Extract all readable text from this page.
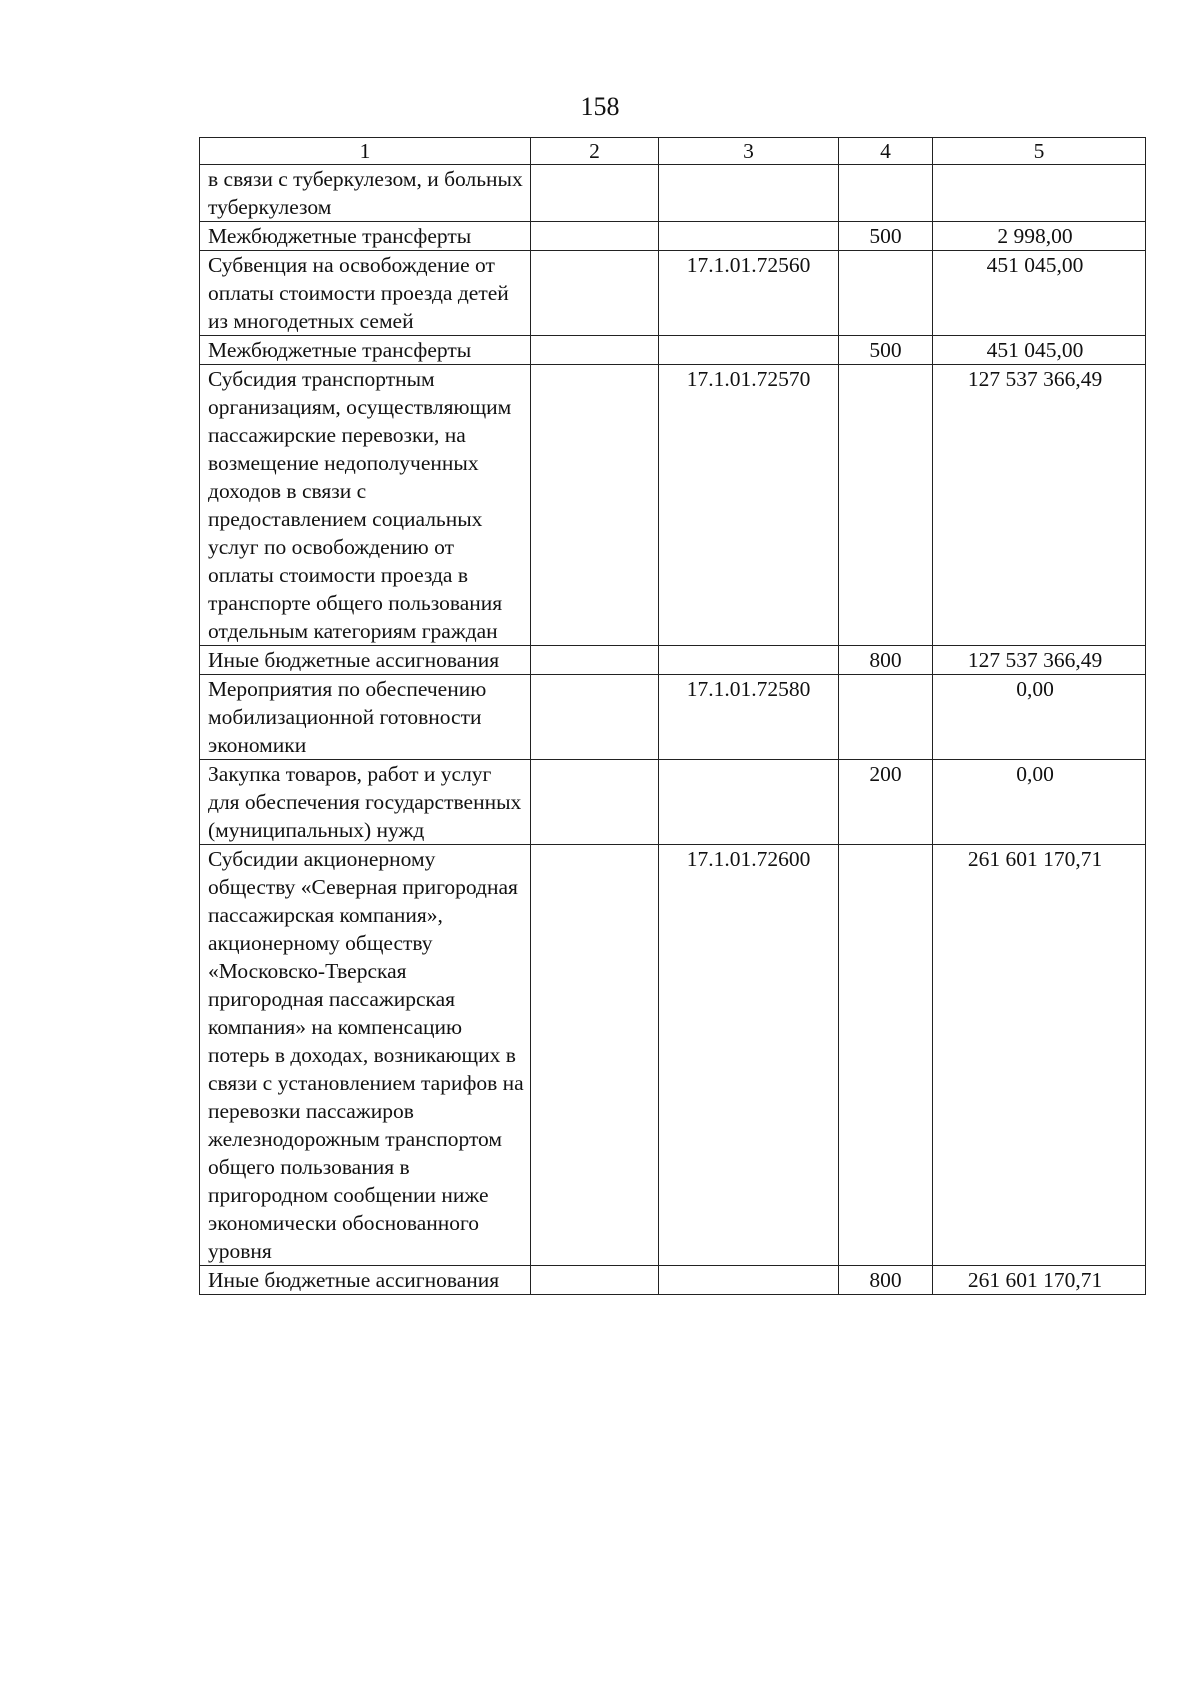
158
1	2	3	4	5
в связи с туберкулезом, и больных туберкулезом				
Межбюджетные трансферты			500	2 998,00
Субвенция на освобождение от оплаты стоимости проезда детей из многодетных семей		17.1.01.72560		451 045,00
Межбюджетные трансферты			500	451 045,00
Субсидия транспортным организациям, осуществляющим пассажирские перевозки, на возмещение недополученных доходов в связи с предоставлением социальных услуг по освобождению от оплаты стоимости проезда в транспорте общего пользования отдельным категориям граждан		17.1.01.72570		127 537 366,49
Иные бюджетные ассигнования			800	127 537 366,49
Мероприятия по обеспечению мобилизационной готовности экономики		17.1.01.72580		0,00
Закупка товаров, работ и услуг для обеспечения государственных (муниципальных) нужд			200	0,00
Субсидии акционерному обществу «Северная пригородная пассажирская компания», акционерному обществу «Московско-Тверская пригородная пассажирская компания» на компенсацию потерь в доходах, возникающих в связи с установлением тарифов на перевозки пассажиров железнодорожным транспортом общего пользования в пригородном сообщении ниже экономически обоснованного уровня		17.1.01.72600		261 601 170,71
Иные бюджетные ассигнования			800	261 601 170,71
